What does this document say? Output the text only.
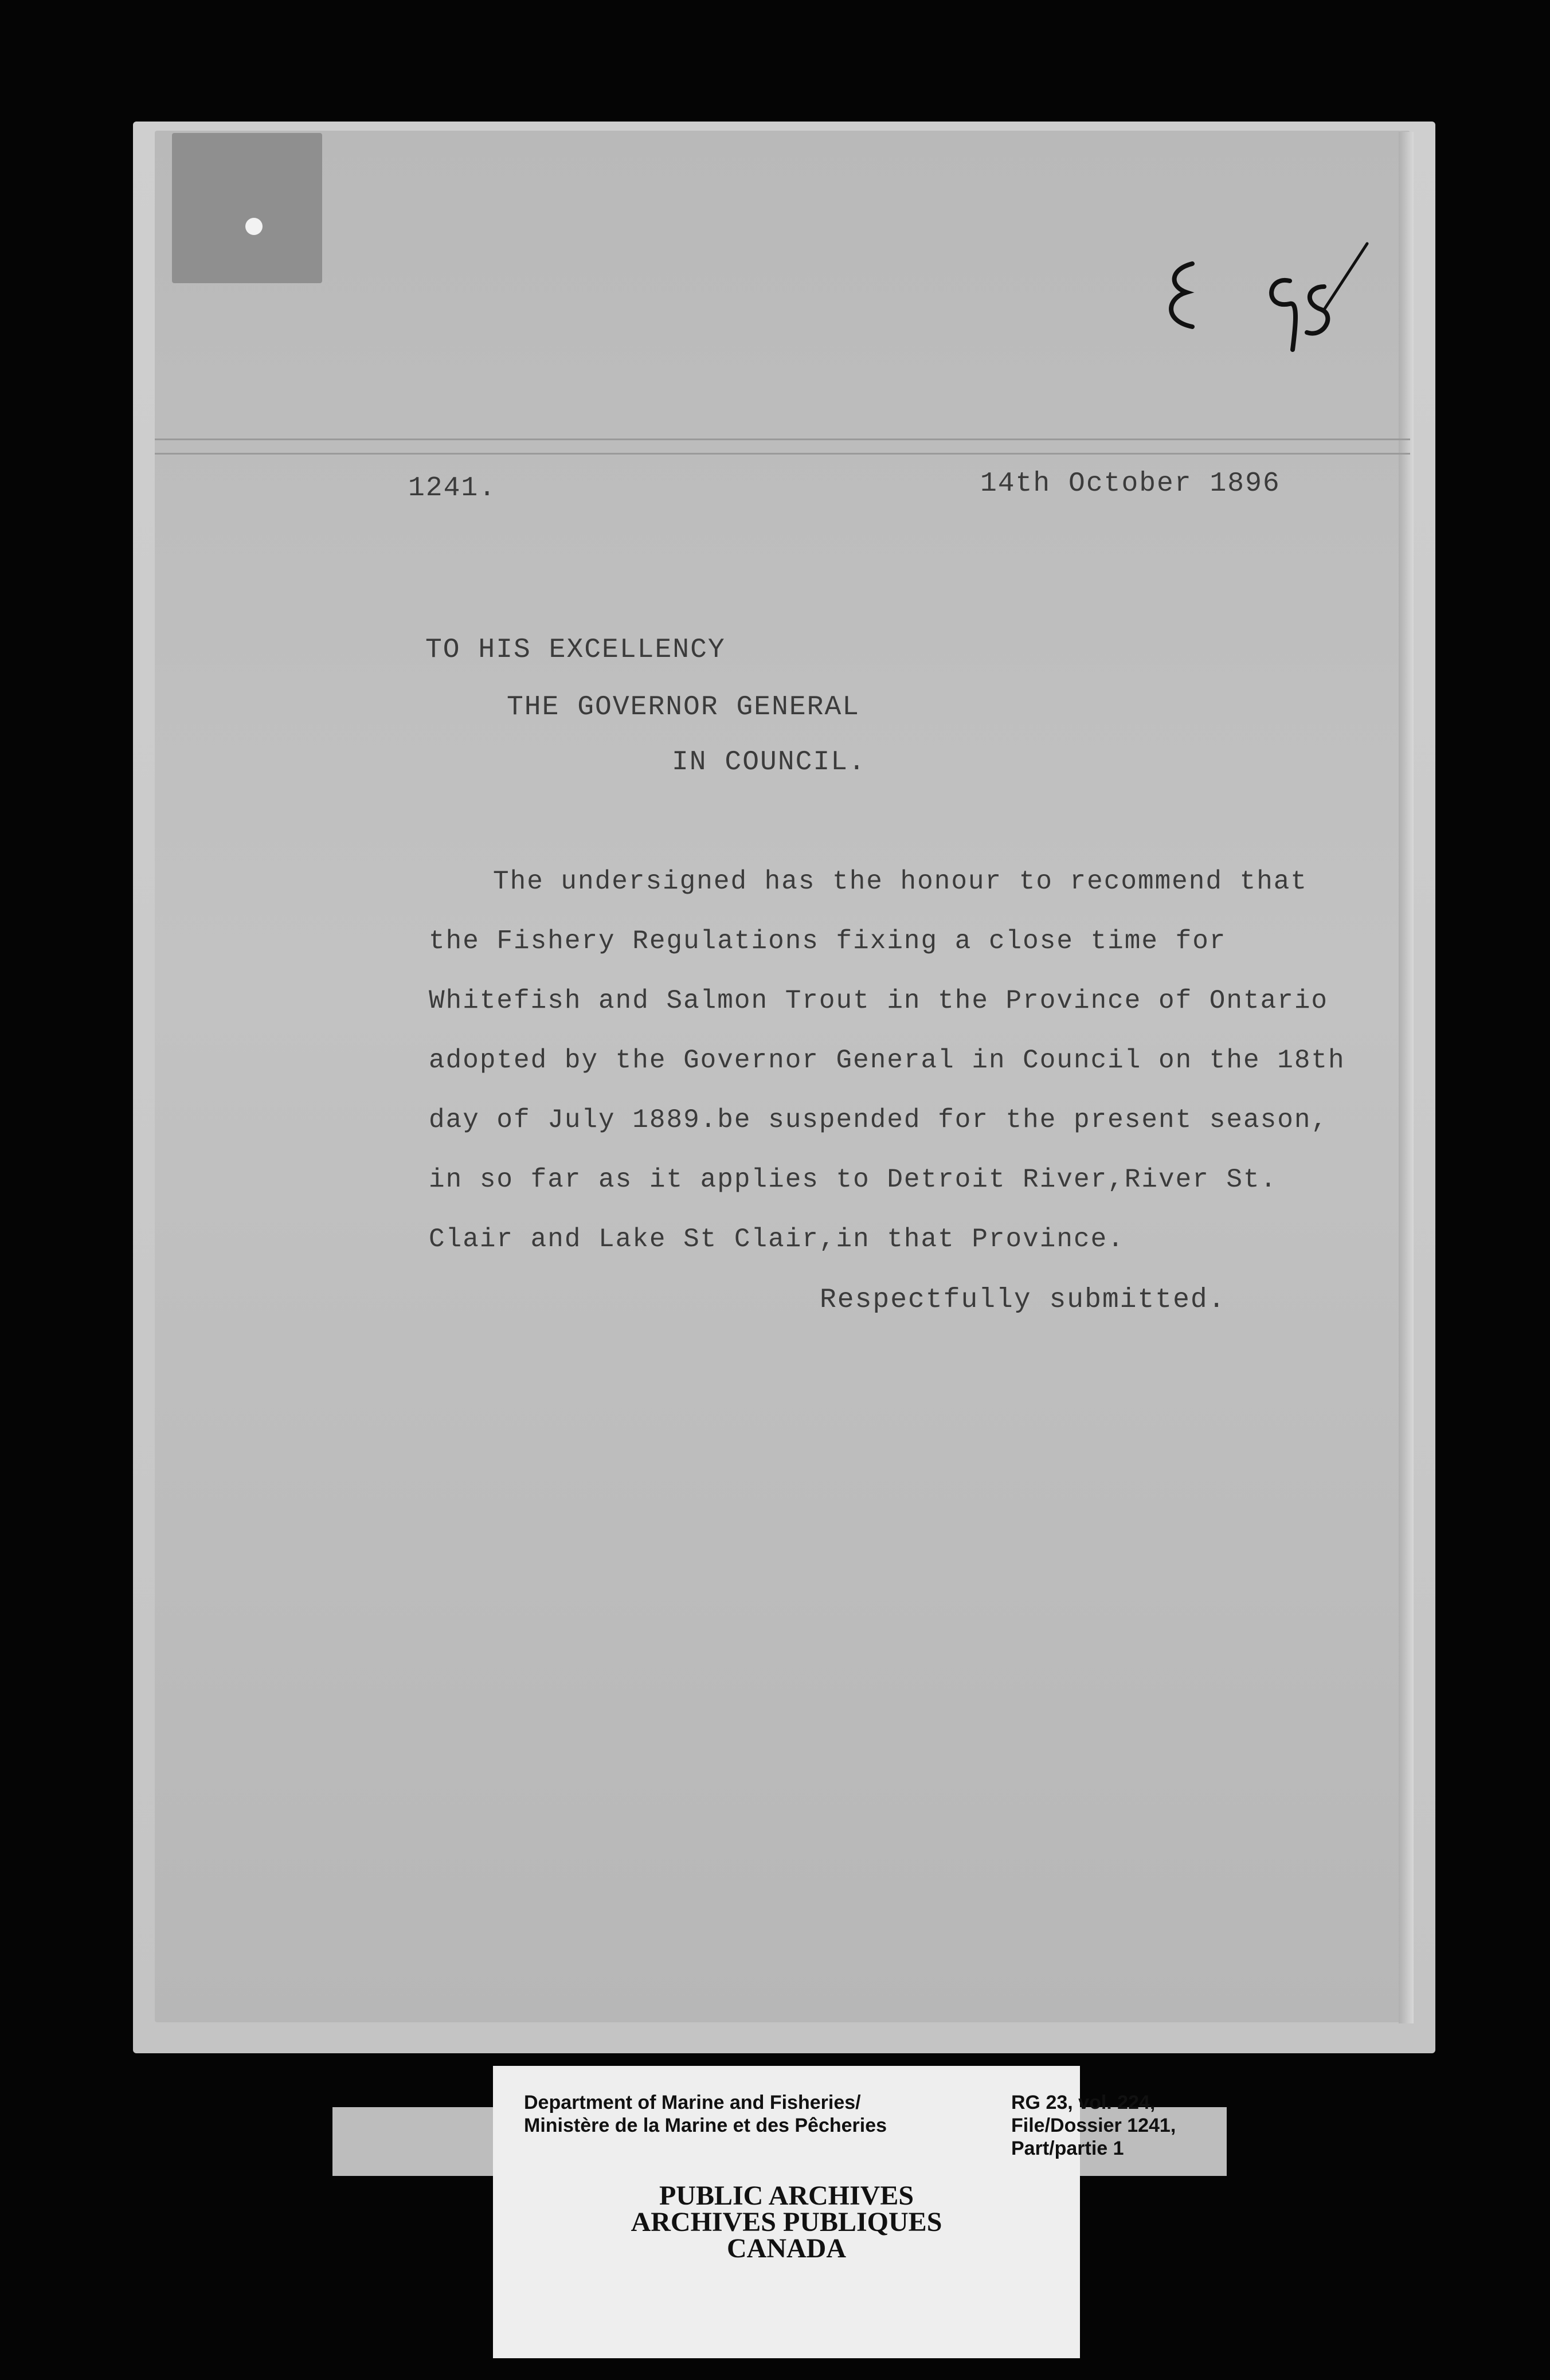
1241.	14th October 1896
TO HIS EXCELLENCY
THE GOVERNOR GENERAL
IN COUNCIL.
The undersigned has the honour to recommend that
the Fishery Regulations fixing a close time for
Whitefish and Salmon Trout in the Province of Ontario
adopted by the Governor General in Council on the 18th
day of July 1889.be suspended for the present season,
in so far as it applies to Detroit River,River St.
Clair and Lake St Clair,in that Province.
Respectfully submitted.
Department of Marine and Fisheries/
Ministère de la Marine et des Pêcheries
RG 23, vol. 224,
File/Dossier 1241,
Part/partie 1
PUBLIC ARCHIVES
ARCHIVES PUBLIQUES
CANADA
